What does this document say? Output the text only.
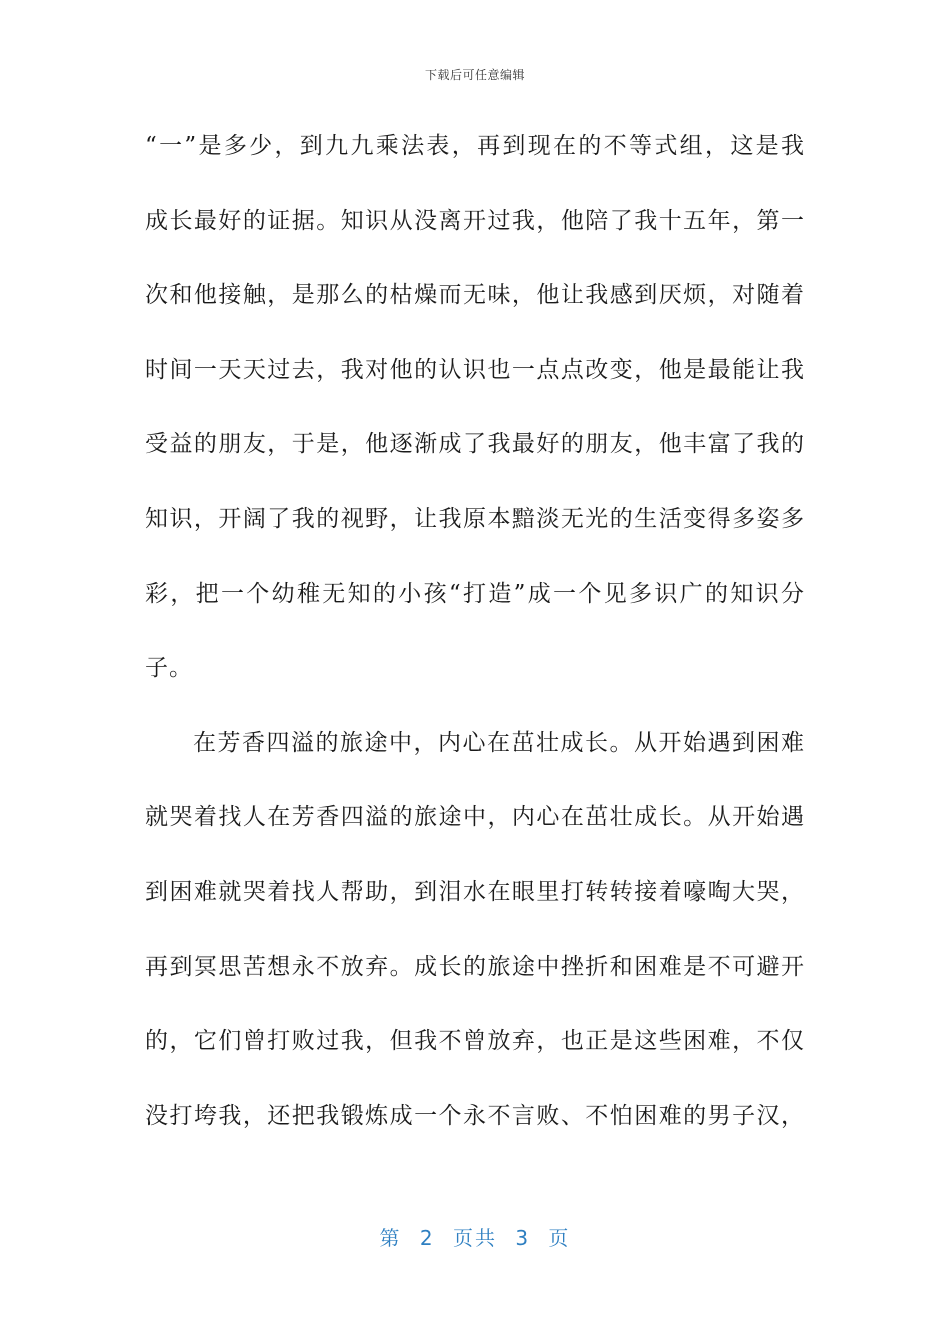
下载后可任意编辑
“一”是多少，到九九乘法表，再到现在的不等式组，这是我
成长最好的证据。知识从没离开过我，他陪了我十五年，第一
次和他接触，是那么的枯燥而无味，他让我感到厌烦，对随着
时间一天天过去，我对他的认识也一点点改变，他是最能让我
受益的朋友，于是，他逐渐成了我最好的朋友，他丰富了我的
知识，开阔了我的视野，让我原本黯淡无光的生活变得多姿多
彩，把一个幼稚无知的小孩“打造”成一个见多识广的知识分
子。
在芳香四溢的旅途中，内心在茁壮成长。从开始遇到困难
就哭着找人在芳香四溢的旅途中，内心在茁壮成长。从开始遇
到困难就哭着找人帮助，到泪水在眼里打转转接着嚎啕大哭，
再到冥思苦想永不放弃。成长的旅途中挫折和困难是不可避开
的，它们曾打败过我，但我不曾放弃，也正是这些困难，不仅
没打垮我，还把我锻炼成一个永不言败、不怕困难的男子汉，
第 2 页共 3 页
